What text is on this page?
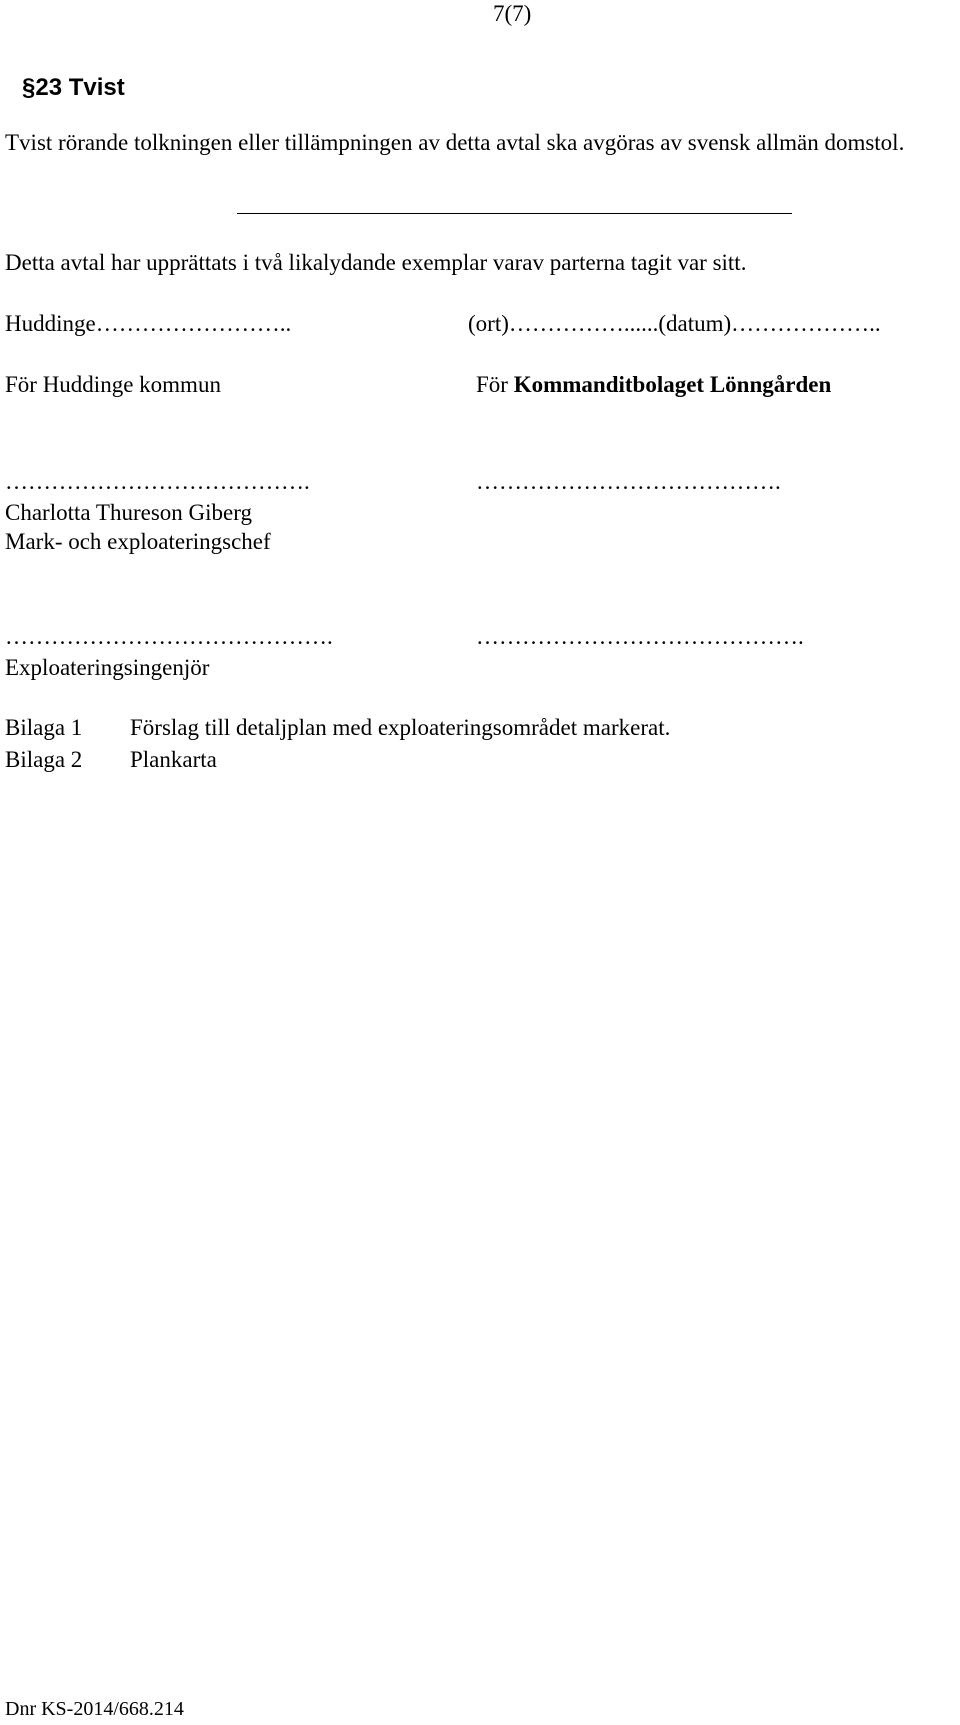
7(7)
§23 Tvist
Tvist rörande tolkningen eller tillämpningen av detta avtal ska avgöras av svensk allmän domstol.
Detta avtal har upprättats i två likalydande exemplar varav parterna tagit var sitt.
Huddinge……………………..	(ort)……………......(datum)………………..
För Huddinge kommun	För Kommanditbolaget Lönngården
………………………………….	………………………………….
Charlotta Thureson Giberg
Mark- och exploateringschef
…………………………………….	…………………………………….
Exploateringsingenjör
Bilaga 1 Förslag till detaljplan med exploateringsområdet markerat.
Bilaga 2 Plankarta
Dnr KS-2014/668.214
